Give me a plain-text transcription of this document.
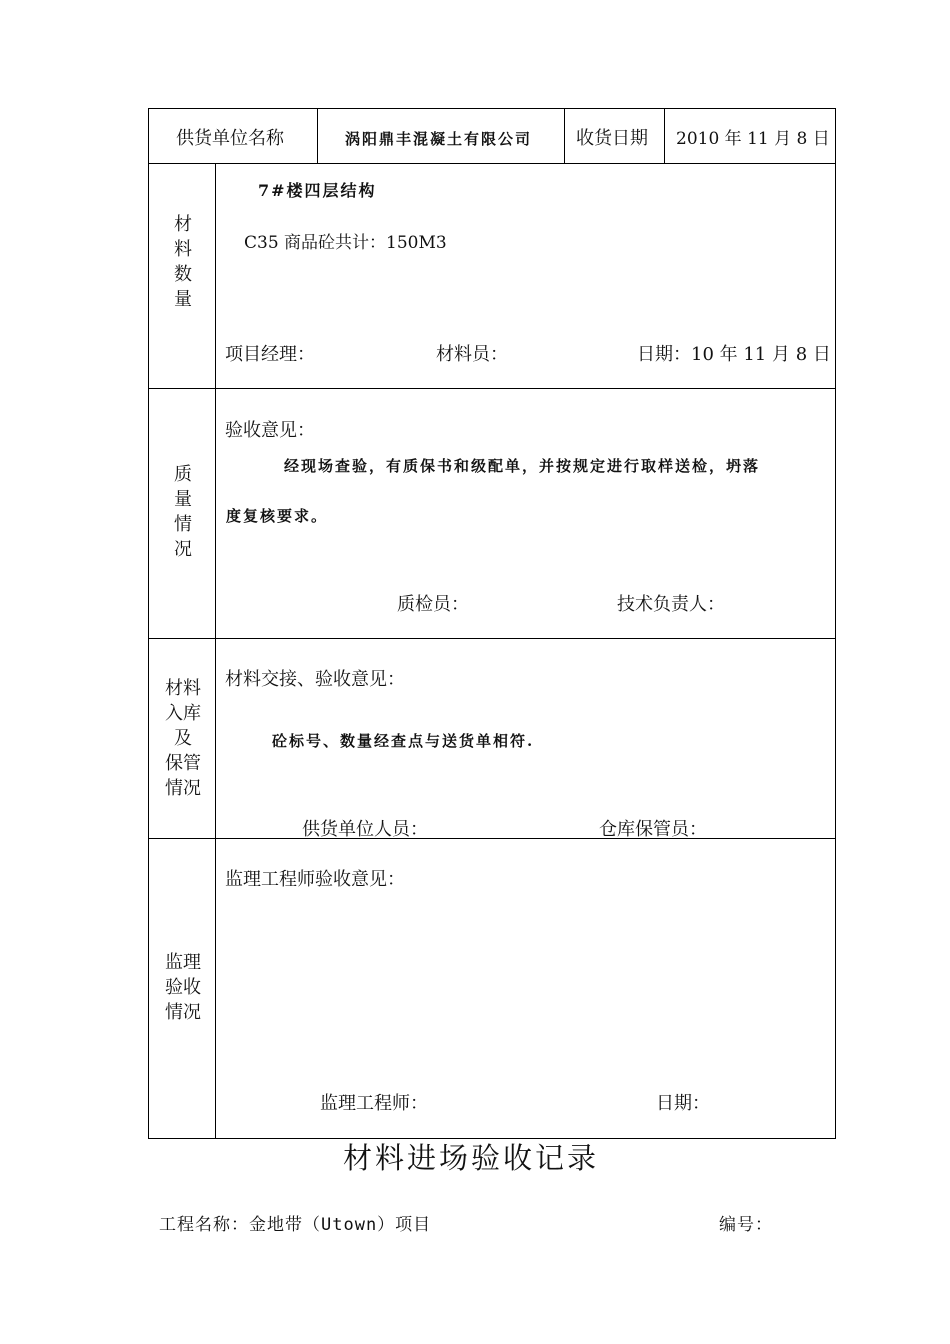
供货单位名称	涡阳鼎丰混凝土有限公司 收货日期 2010 年 11 月 8 日
材
料
数
量
7#楼四层结构
C35 商品砼共计：150M3
项目经理：	材料员：	日期：10 年 11 月 8 日
质
量
情
况
验收意见：
经现场查验，有质保书和级配单，并按规定进行取样送检，坍落
度复核要求。
质检员：	技术负责人：
材料
入库
及
保管
情况
材料交接、验收意见：
砼标号、数量经查点与送货单相符.
供货单位人员：	仓库保管员：
监理
验收
情况
监理工程师验收意见：
监理工程师：	日期：
材料进场验收记录
工程名称：金地带（Utown）项目	编号：
